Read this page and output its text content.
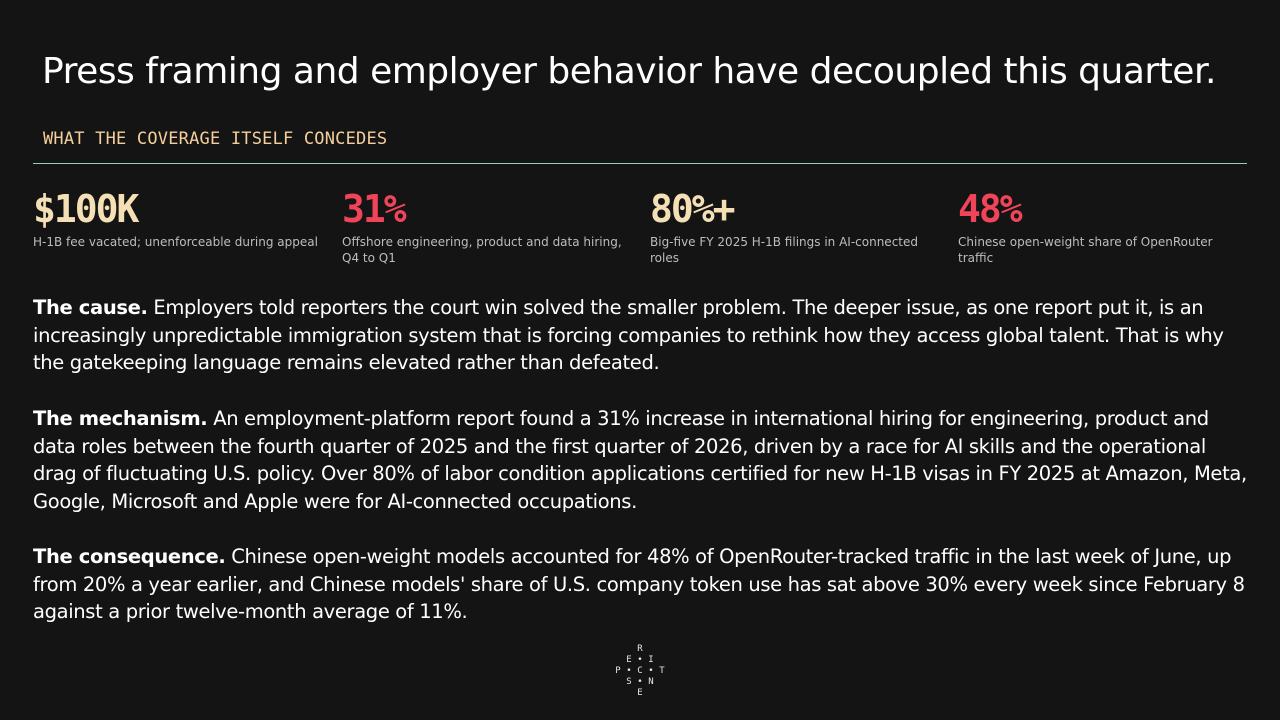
Press framing and employer behavior have decoupled this quarter.
WHAT THE COVERAGE ITSELF CONCEDES
$100K
H-1B fee vacated; unenforceable during appeal
31%
Offshore engineering, product and data hiring, Q4 to Q1
80%+
Big-five FY 2025 H-1B filings in AI-connected roles
48%
Chinese open-weight share of OpenRouter traffic
The cause. Employers told reporters the court win solved the smaller problem. The deeper issue, as one report put it, is an increasingly unpredictable immigration system that is forcing companies to rethink how they access global talent. That is why the gatekeeping language remains elevated rather than defeated.
The mechanism. An employment-platform report found a 31% increase in international hiring for engineering, product and data roles between the fourth quarter of 2025 and the first quarter of 2026, driven by a race for AI skills and the operational drag of fluctuating U.S. policy. Over 80% of labor condition applications certified for new H-1B visas in FY 2025 at Amazon, Meta, Google, Microsoft and Apple were for AI-connected occupations.
The consequence. Chinese open-weight models accounted for 48% of OpenRouter-tracked traffic in the last week of June, up from 20% a year earlier, and Chinese models' share of U.S. company token use has sat above 30% every week since February 8 against a prior twelve-month average of 11%.
R
E • I
P • C • T
S • N
E
